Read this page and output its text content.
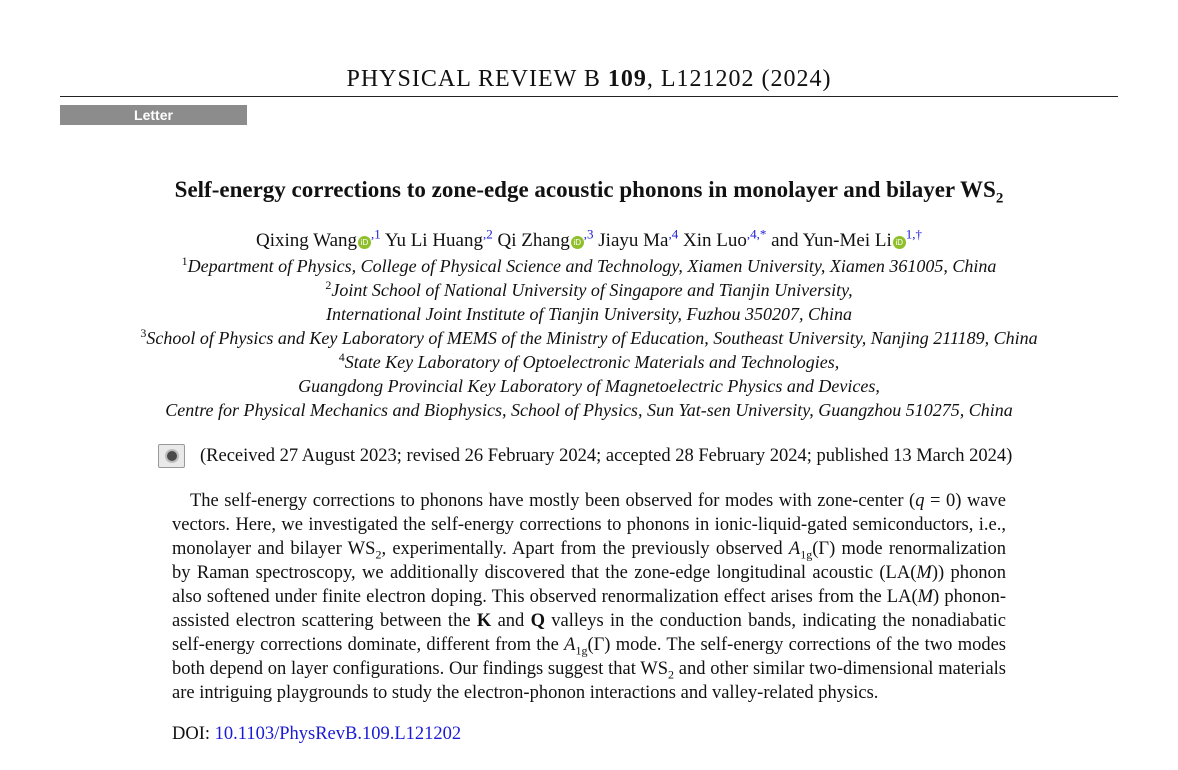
PHYSICAL REVIEW B 109, L121202 (2024)
Letter
Self-energy corrections to zone-edge acoustic phonons in monolayer and bilayer $WS_2$
Qixing Wang $iD^{,1}$ Yu Li Huang$^{,2}$ Qi Zhang $iD^{,3}$ Jiayu $Ma^{,4}$ Xin Luo$^{,4,*}$ and Yun-Mei Li $iD^{1,\dagger}$
$^1$Department of Physics, College of Physical Science and Technology, Xiamen University, Xiamen 361005, China
$^2$Joint School of National University of Singapore and Tianjin University,
International Joint Institute of Tianjin University, Fuzhou 350207, China
$^3$School of Physics and Key Laboratory of MEMS of the Ministry of Education, Southeast University, Nanjing 211189, China
$^4$State Key Laboratory of Optoelectronic Materials and Technologies,
Guangdong Provincial Key Laboratory of Magnetoelectric Physics and Devices,
Centre for Physical Mechanics and Biophysics, School of Physics, Sun Yat-sen University, Guangzhou 510275, China
(Received 27 August 2023; revised 26 February 2024; accepted 28 February 2024; published 13 March 2024)

The self-energy corrections to phonons have mostly been observed for modes with zone-center (q = 0) wave vectors. Here, we investigated the self-energy corrections to phonons in ionic-liquid-gated semiconductors, i.e., monolayer and bilayer $WS_2$, experimentally. Apart from the previously observed $A_{1g}(\Gamma)$ mode renormalization by Raman spectroscopy, we additionally discovered that the zone-edge longitudinal acoustic (LA(M)) phonon also softened under finite electron doping. This observed renormalization effect arises from the LA(M) phonon-assisted electron scattering between the K and Q valleys in the conduction bands, indicating the nonadiabatic self-energy corrections dominate, different from the $A_{1g}(\Gamma)$ mode. The self-energy corrections of the two modes both depend on layer configurations. Our findings suggest that $WS_2$ and other similar two-dimensional materials are intriguing playgrounds to study the electron-phonon interactions and valley-related physics.

DOI: 10.1103/PhysRevB.109.L121202
